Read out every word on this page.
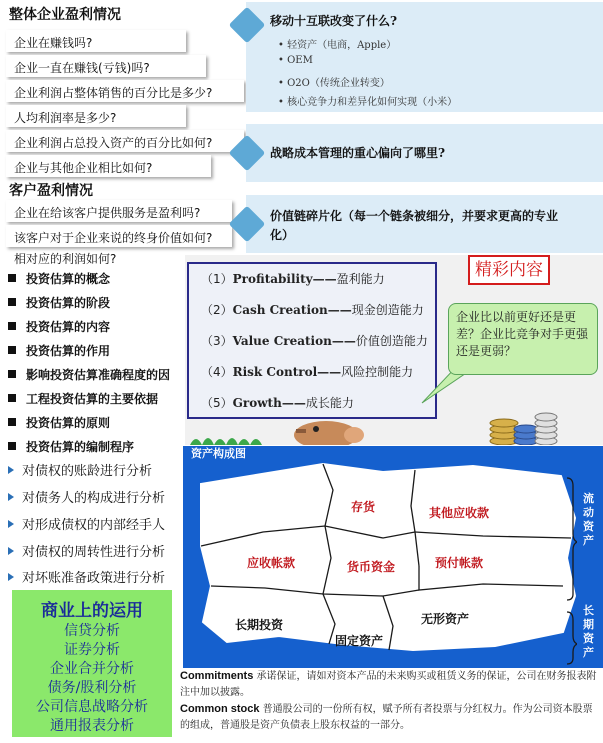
整体企业盈利情况
企业在赚钱吗?
企业一直在赚钱(亏钱)吗?
企业利润占整体销售的百分比是多少?
人均利润率是多少?
企业利润占总投入资产的百分比如何?
企业与其他企业相比如何?
客户盈利情况
企业在给该客户提供服务是盈利吗?
该客户对于企业来说的终身价值如何?
相对应的利润如何?
投资估算的概念
投资估算的阶段
投资估算的内容
投资估算的作用
影响投资估算准确程度的因
工程投资估算的主要依据
投资估算的原则
投资估算的编制程序
对债权的账龄进行分析
对债务人的构成进行分析
对形成债权的内部经手人
对债权的周转性进行分析
对坏账准备政策进行分析
商业上的运用
信贷分析
证券分析
企业合并分析
债务/股利分析
公司信息战略分析
通用报表分析
移动十互联改变了什么?
• 轻资产（电商，Apple）
• OEM
• O2O（传统企业转变）
• 核心竞争力和差异化如何实现（小米）
战略成本管理的重心偏向了哪里?
价值链碎片化（每一个链条被细分，并要求更高的专业
化）
（1）Profitability——盈利能力
（2）Cash Creation——现金创造能力
（3）Value Creation——价值创造能力
（4）Risk Control——风险控制能力
（5）Growth——成长能力
精彩内容
企业比以前更好还是更差？企业比竞争对手更强还是更弱？
资产构成图
存货	其他应收款
应收帐款	货币资金	预付帐款
长期投资
固定资产
无形资产
流动资产
长期资产
Commitments 承诺保证，请如对资本产品的未来购买或租赁义务的保证，公司在财务报表附注中加以披露。
Common stock 普通股公司的一份所有权，赋予所有者投票与分红权力。作为公司资本股票的组成，普通股是资产负债表上股东权益的一部分。
